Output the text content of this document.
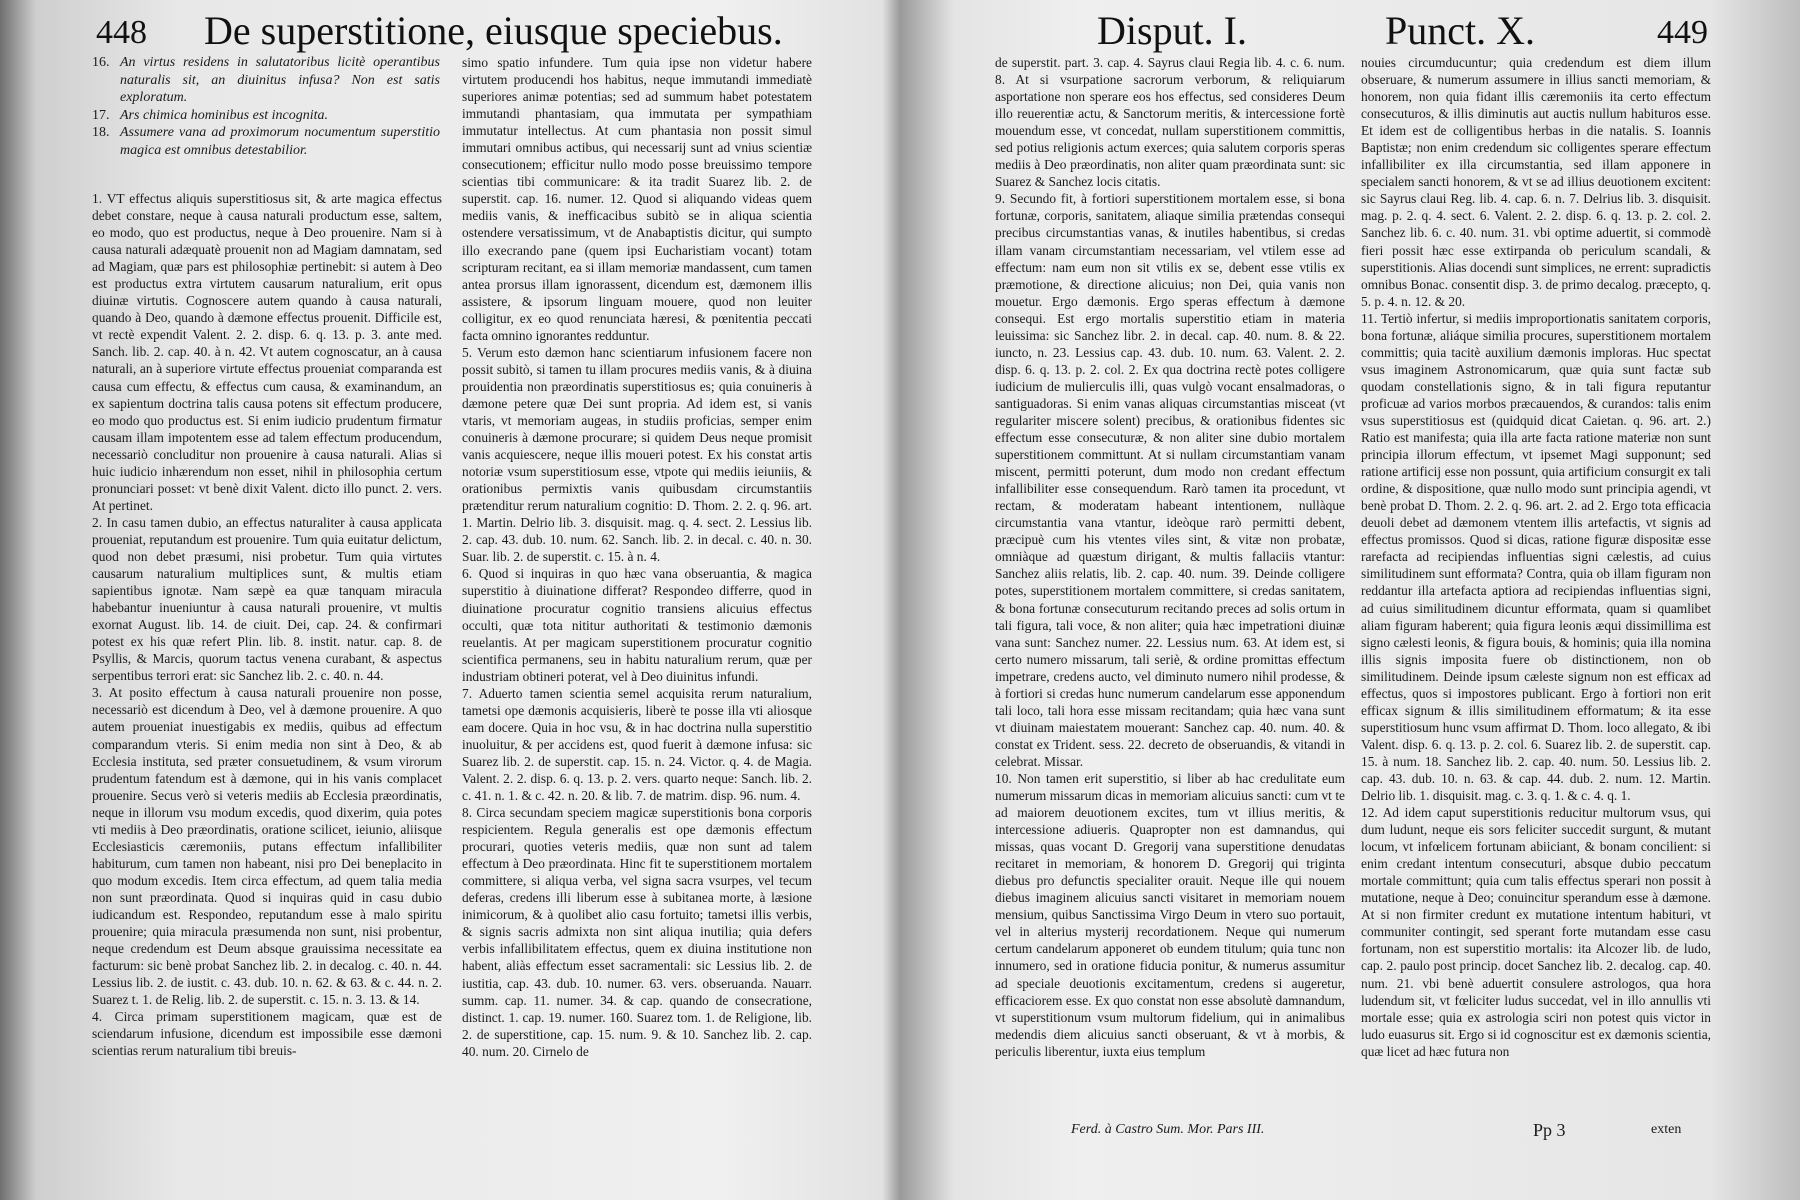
448 De superstitione, eiusque speciebus.

16. An virtus residens in salutatoribus licitè operantibus naturalis sit, an diuinitus infusa? Non est satis exploratum.

17. Ars chimica hominibus est incognita.

18. Assumere vana ad proximorum nocumentum superstitio magica est omnibus detestabilior.

1. VT effectus aliquis superstitiosus sit, & arte magica effectus debet constare, neque à causa naturali productum esse, saltem, eo modo, quo est productus, neque à Deo prouenire. Nam si à causa naturali adæquatè prouenit non ad Magiam damnatam, sed ad Magiam, quæ pars est philosophiæ pertinebit: si autem à Deo est productus extra virtutem causarum naturalium, erit opus diuinæ virtutis. Cognoscere autem quando à causa naturali, quando à Deo, quando à dæmone effectus prouenit. Difficile est, vt rectè expendit Valent. 2. 2. disp. 6. q. 13. p. 3. ante med. Sanch. lib. 2. cap. 40. à n. 42. Vt autem cognoscatur, an à causa naturali, an à superiore virtute effectus proueniat comparanda est causa cum effectu, & effectus cum causa, & examinandum, an ex sapientum doctrina talis causa potens sit effectum producere, eo modo quo productus est. Si enim iudicio prudentum firmatur causam illam impotentem esse ad talem effectum producendum, necessariò concluditur non prouenire à causa naturali. Alias si huic iudicio inhærendum non esset, nihil in philosophia certum pronunciari posset: vt benè dixit Valent. dicto illo punct. 2. vers. At pertinet.

2. In casu tamen dubio, an effectus naturaliter à causa applicata proueniat, reputandum est prouenire. Tum quia euitatur delictum, quod non debet præsumi, nisi probetur. Tum quia virtutes causarum naturalium multiplices sunt, & multis etiam sapientibus ignotæ. Nam sæpè ea quæ tanquam miracula habebantur inueniuntur à causa naturali prouenire, vt multis exornat August. lib. 14. de ciuit. Dei, cap. 24. & confirmari potest ex his quæ refert Plin. lib. 8. instit. natur. cap. 8. de Psyllis, & Marcis, quorum tactus venena curabant, & aspectus serpentibus terrori erat: sic Sanchez lib. 2. c. 40. n. 44.

3. At posito effectum à causa naturali prouenire non posse, necessariò est dicendum à Deo, vel à dæmone prouenire. A quo autem proueniat inuestigabis ex mediis, quibus ad effectum comparandum vteris. Si enim media non sint à Deo, & ab Ecclesia instituta, sed præter consuetudinem, & vsum virorum prudentum fatendum est à dæmone, qui in his vanis complacet prouenire. Secus verò si veteris mediis ab Ecclesia præordinatis, neque in illorum vsu modum excedis, quod dixerim, quia potes vti mediis à Deo præordinatis, oratione scilicet, ieiunio, aliisque Ecclesiasticis cæremoniis, putans effectum infallibiliter habiturum, cum tamen non habeant, nisi pro Dei beneplacito in quo modum excedis. Item circa effectum, ad quem talia media non sunt præordinata. Quod si inquiras quid in casu dubio iudicandum est. Respondeo, reputandum esse à malo spiritu prouenire; quia miracula præsumenda non sunt, nisi probentur, neque credendum est Deum absque grauissima necessitate ea facturum: sic benè probat Sanchez lib. 2. in decalog. c. 40. n. 44. Lessius lib. 2. de iustit. c. 43. dub. 10. n. 62. & 63. & c. 44. n. 2. Suarez t. 1. de Relig. lib. 2. de superstit. c. 15. n. 3. 13. & 14.

4. Circa primam superstitionem magicam, quæ est de sciendarum infusione, dicendum est impossibile esse dæmoni scientias rerum naturalium tibi breuis-

simo spatio infundere. Tum quia ipse non videtur habere virtutem producendi hos habitus, neque immutandi immediatè superiores animæ potentias; sed ad summum habet potestatem immutandi phantasiam, qua immutata per sympathiam immutatur intellectus. At cum phantasia non possit simul immutari omnibus actibus, qui necessarij sunt ad vnius scientiæ consecutionem; efficitur nullo modo posse breuissimo tempore scientias tibi communicare: & ita tradit Suarez lib. 2. de superstit. cap. 16. numer. 12. Quod si aliquando videas quem mediis vanis, & inefficacibus subitò se in aliqua scientia ostendere versatissimum, vt de Anabaptistis dicitur, qui sumpto illo execrando pane (quem ipsi Eucharistiam vocant) totam scripturam recitant, ea si illam memoriæ mandassent, cum tamen antea prorsus illam ignorassent, dicendum est, dæmonem illis assistere, & ipsorum linguam mouere, quod non leuiter colligitur, ex eo quod renunciata hæresi, & pœnitentia peccati facta omnino ignorantes redduntur.

5. Verum esto dæmon hanc scientiarum infusionem facere non possit subitò, si tamen tu illam procures mediis vanis, & à diuina prouidentia non præordinatis superstitiosus es; quia conuineris à dæmone petere quæ Dei sunt propria. Ad idem est, si vanis vtaris, vt memoriam augeas, in studiis proficias, semper enim conuineris à dæmone procurare; si quidem Deus neque promisit vanis acquiescere, neque illis moueri potest. Ex his constat artis notoriæ vsum superstitiosum esse, vtpote qui mediis ieiuniis, & orationibus permixtis vanis quibusdam circumstantiis prætenditur rerum naturalium cognitio: D. Thom. 2. 2. q. 96. art. 1. Martin. Delrio lib. 3. disquisit. mag. q. 4. sect. 2. Lessius lib. 2. cap. 43. dub. 10. num. 62. Sanch. lib. 2. in decal. c. 40. n. 30. Suar. lib. 2. de superstit. c. 15. à n. 4.

6. Quod si inquiras in quo hæc vana obseruantia, & magica superstitio à diuinatione differat? Respondeo differre, quod in diuinatione procuratur cognitio transiens alicuius effectus occulti, quæ tota nititur authoritati & testimonio dæmonis reuelantis. At per magicam superstitionem procuratur cognitio scientifica permanens, seu in habitu naturalium rerum, quæ per industriam obtineri poterat, vel à Deo diuinitus infundi.

7. Aduerto tamen scientia semel acquisita rerum naturalium, tametsi ope dæmonis acquisieris, liberè te posse illa vti aliosque eam docere. Quia in hoc vsu, & in hac doctrina nulla superstitio inuoluitur, & per accidens est, quod fuerit à dæmone infusa: sic Suarez lib. 2. de superstit. cap. 15. n. 24. Victor. q. 4. de Magia. Valent. 2. 2. disp. 6. q. 13. p. 2. vers. quarto neque: Sanch. lib. 2. c. 41. n. 1. & c. 42. n. 20. & lib. 7. de matrim. disp. 96. num. 4.

8. Circa secundam speciem magicæ superstitionis bona corporis respicientem. Regula generalis est ope dæmonis effectum procurari, quoties veteris mediis, quæ non sunt ad talem effectum à Deo præordinata. Hinc fit te superstitionem mortalem committere, si aliqua verba, vel signa sacra vsurpes, vel tecum deferas, credens illi liberum esse à subitanea morte, à læsione inimicorum, & à quolibet alio casu fortuito; tametsi illis verbis, & signis sacris admixta non sint aliqua inutilia; quia defers verbis infallibilitatem effectus, quem ex diuina institutione non habent, aliàs effectum esset sacramentali: sic Lessius lib. 2. de iustitia, cap. 43. dub. 10. numer. 63. vers. obseruanda. Nauarr. summ. cap. 11. numer. 34. & cap. quando de consecratione, distinct. 1. cap. 19. numer. 160. Suarez tom. 1. de Religione, lib. 2. de superstitione, cap. 15. num. 9. & 10. Sanchez lib. 2. cap. 40. num. 20. Cirnelo de

Disput. I.	Punct. X.	449

de superstit. part. 3. cap. 4. Sayrus claui Regia lib. 4. c. 6. num. 8. At si vsurpatione sacrorum verborum, & reliquiarum asportatione non sperare eos hos effectus, sed consideres Deum illo reuerentiæ actu, & Sanctorum meritis, & intercessione fortè mouendum esse, vt concedat, nullam superstitionem committis, sed potius religionis actum exerces; quia salutem corporis speras mediis à Deo præordinatis, non aliter quam præordinata sunt: sic Suarez & Sanchez locis citatis.

9. Secundo fit, à fortiori superstitionem mortalem esse, si bona fortunæ, corporis, sanitatem, aliaque similia prætendas consequi precibus circumstantias vanas, & inutiles habentibus, si credas illam vanam circumstantiam necessariam, vel vtilem esse ad effectum: nam eum non sit vtilis ex se, debent esse vtilis ex præmotione, & directione alicuius; non Dei, quia vanis non mouetur. Ergo dæmonis. Ergo speras effectum à dæmone consequi. Est ergo mortalis superstitio etiam in materia leuissima: sic Sanchez libr. 2. in decal. cap. 40. num. 8. & 22. iuncto, n. 23. Lessius cap. 43. dub. 10. num. 63. Valent. 2. 2. disp. 6. q. 13. p. 2. col. 2. Ex qua doctrina rectè potes colligere iudicium de mulierculis illi, quas vulgò vocant ensalmadoras, o santiguadoras. Si enim vanas aliquas circumstantias misceat (vt regulariter miscere solent) precibus, & orationibus fidentes sic effectum esse consecuturæ, & non aliter sine dubio mortalem superstitionem committunt. At si nullam circumstantiam vanam miscent, permitti poterunt, dum modo non credant effectum infallibiliter esse consequendum. Rarò tamen ita procedunt, vt rectam, & moderatam habeant intentionem, nullàque circumstantia vana vtantur, ideòque rarò permitti debent, præcipuè cum his vtentes viles sint, & vitæ non probatæ, omniàque ad quæstum dirigant, & multis fallaciis vtantur: Sanchez aliis relatis, lib. 2. cap. 40. num. 39. Deinde colligere potes, superstitionem mortalem committere, si credas sanitatem, & bona fortunæ consecuturum recitando preces ad solis ortum in tali figura, tali voce, & non aliter; quia hæc impetrationi diuinæ vana sunt: Sanchez numer. 22. Lessius num. 63. At idem est, si certo numero missarum, tali seriè, & ordine promittas effectum impetrare, credens aucto, vel diminuto numero nihil prodesse, & à fortiori si credas hunc numerum candelarum esse apponendum tali loco, tali hora esse missam recitandam; quia hæc vana sunt vt diuinam maiestatem mouerant: Sanchez cap. 40. num. 40. & constat ex Trident. sess. 22. decreto de obseruandis, & vitandi in celebrat. Missar.

10. Non tamen erit superstitio, si liber ab hac credulitate eum numerum missarum dicas in memoriam alicuius sancti: cum vt te ad maiorem deuotionem excites, tum vt illius meritis, & intercessione adiueris. Quapropter non est damnandus, qui missas, quas vocant D. Gregorij vana superstitione denudatas recitaret in memoriam, & honorem D. Gregorij qui triginta diebus pro defunctis specialiter orauit. Neque ille qui nouem diebus imaginem alicuius sancti visitaret in memoriam nouem mensium, quibus Sanctissima Virgo Deum in vtero suo portauit, vel in alterius mysterij recordationem. Neque qui numerum certum candelarum apponeret ob eundem titulum; quia tunc non innumero, sed in oratione fiducia ponitur, & numerus assumitur ad speciale deuotionis excitamentum, credens si augeretur, efficaciorem esse. Ex quo constat non esse absolutè damnandum, vt superstitionum vsum multorum fidelium, qui in animalibus medendis diem alicuius sancti obseruant, & vt à morbis, & periculis liberentur, iuxta eius templum

nouies circumducuntur; quia credendum est diem illum obseruare, & numerum assumere in illius sancti memoriam, & honorem, non quia fidant illis cæremoniis ita certo effectum consecuturos, & illis diminutis aut auctis nullum habituros esse. Et idem est de colligentibus herbas in die natalis. S. Ioannis Baptistæ; non enim credendum sic colligentes sperare effectum infallibiliter ex illa circumstantia, sed illam apponere in specialem sancti honorem, & vt se ad illius deuotionem excitent: sic Sayrus claui Reg. lib. 4. cap. 6. n. 7. Delrius lib. 3. disquisit. mag. p. 2. q. 4. sect. 6. Valent. 2. 2. disp. 6. q. 13. p. 2. col. 2. Sanchez lib. 6. c. 40. num. 31. vbi optime aduertit, si commodè fieri possit hæc esse extirpanda ob periculum scandali, & superstitionis. Alias docendi sunt simplices, ne errent: supradictis omnibus Bonac. consentit disp. 3. de primo decalog. præcepto, q. 5. p. 4. n. 12. & 20.

11. Tertiò infertur, si mediis improportionatis sanitatem corporis, bona fortunæ, aliáque similia procures, superstitionem mortalem committis; quia tacitè auxilium dæmonis imploras. Huc spectat vsus imaginem Astronomicarum, quæ quia sunt factæ sub quodam constellationis signo, & in tali figura reputantur proficuæ ad varios morbos præcauendos, & curandos: talis enim vsus superstitiosus est (quidquid dicat Caietan. q. 96. art. 2.) Ratio est manifesta; quia illa arte facta ratione materiæ non sunt principia illorum effectum, vt ipsemet Magi supponunt; sed ratione artificij esse non possunt, quia artificium consurgit ex tali ordine, & dispositione, quæ nullo modo sunt principia agendi, vt benè probat D. Thom. 2. 2. q. 96. art. 2. ad 2. Ergo tota efficacia deuoli debet ad dæmonem vtentem illis artefactis, vt signis ad effectus promissos. Quod si dicas, ratione figuræ dispositæ esse rarefacta ad recipiendas influentias signi cælestis, ad cuius similitudinem sunt efformata? Contra, quia ob illam figuram non reddantur illa artefacta aptiora ad recipiendas influentias signi, ad cuius similitudinem dicuntur efformata, quam si quamlibet aliam figuram haberent; quia figura leonis æqui dissimillima est signo cælesti leonis, & figura bouis, & hominis; quia illa nomina illis signis imposita fuere ob distinctionem, non ob similitudinem. Deinde ipsum cæleste signum non est efficax ad effectus, quos si impostores publicant. Ergo à fortiori non erit efficax signum & illis similitudinem efformatum; & ita esse superstitiosum hunc vsum affirmat D. Thom. loco allegato, & ibi Valent. disp. 6. q. 13. p. 2. col. 6. Suarez lib. 2. de superstit. cap. 15. à num. 18. Sanchez lib. 2. cap. 40. num. 50. Lessius lib. 2. cap. 43. dub. 10. n. 63. & cap. 44. dub. 2. num. 12. Martin. Delrio lib. 1. disquisit. mag. c. 3. q. 1. & c. 4. q. 1.

12. Ad idem caput superstitionis reducitur multorum vsus, qui dum ludunt, neque eis sors feliciter succedit surgunt, & mutant locum, vt infœlicem fortunam abiiciant, & bonam concilient: si enim credant intentum consecuturi, absque dubio peccatum mortale committunt; quia cum talis effectus sperari non possit à mutatione, neque à Deo; conuincitur sperandum esse à dæmone. At si non firmiter credunt ex mutatione intentum habituri, vt communiter contingit, sed sperant forte mutandam esse casu fortunam, non est superstitio mortalis: ita Alcozer lib. de ludo, cap. 2. paulo post princip. docet Sanchez lib. 2. decalog. cap. 40. num. 21. vbi benè aduertit consulere astrologos, qua hora ludendum sit, vt fœliciter ludus succedat, vel in illo annullis vti mortale esse; quia ex astrologia sciri non potest quis victor in ludo euasurus sit. Ergo si id cognoscitur est ex dæmonis scientia, quæ licet ad hæc futura non

Ferd. à Castro Sum. Mor. Pars III.	Pp 3	exten
